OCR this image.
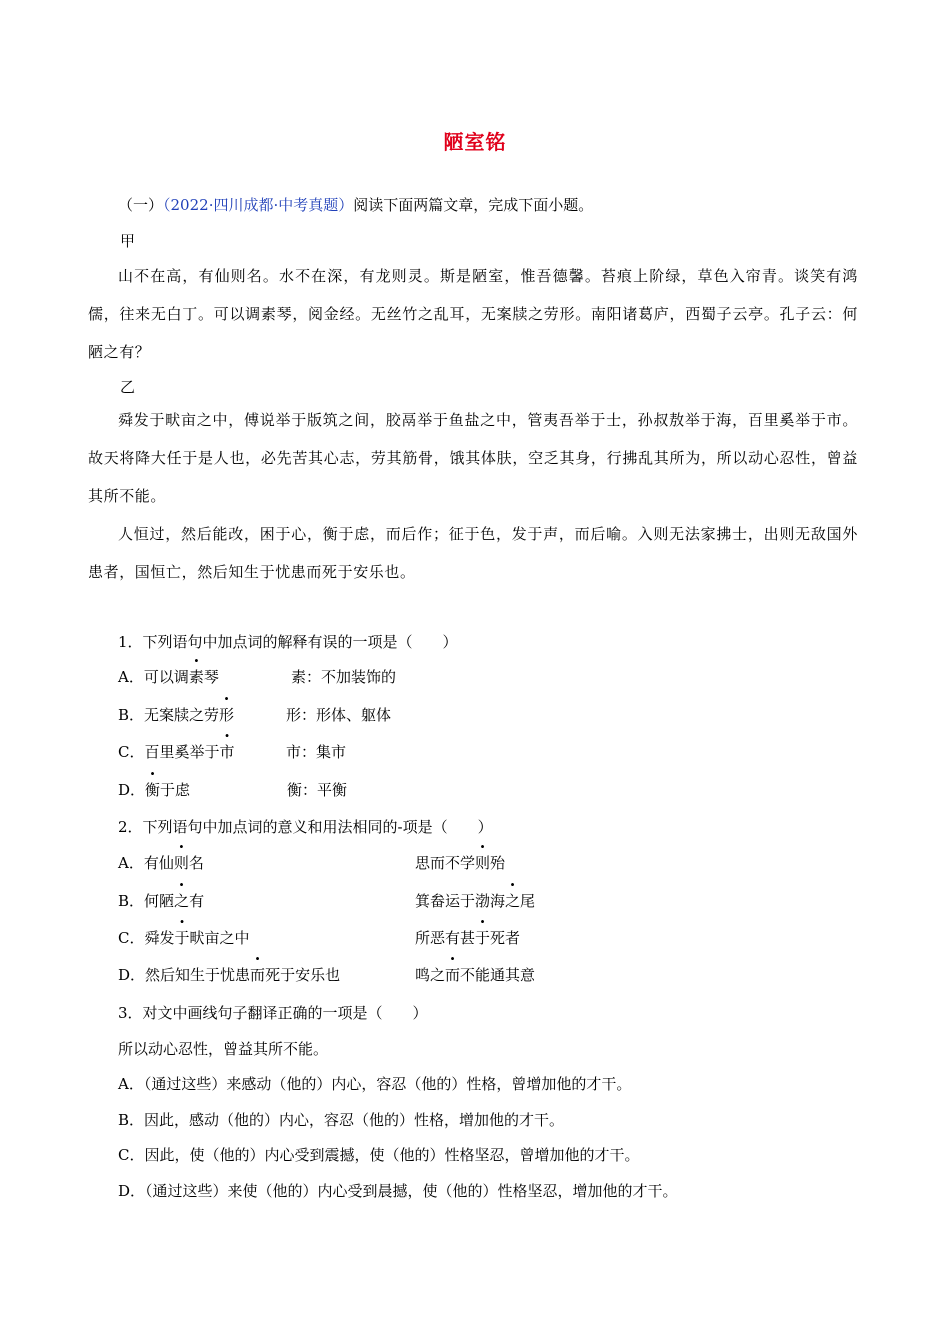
陋室铭
（一）（2022·四川成都·中考真题）阅读下面两篇文章，完成下面小题。
甲
山不在高，有仙则名。水不在深，有龙则灵。斯是陋室，惟吾德馨。苔痕上阶绿，草色入帘青。谈笑有鸿儒，往来无白丁。可以调素琴，阅金经。无丝竹之乱耳，无案牍之劳形。南阳诸葛庐，西蜀子云亭。孔子云：何陋之有？
乙
舜发于畎亩之中，傅说举于版筑之间，胶鬲举于鱼盐之中，管夷吾举于士，孙叔敖举于海，百里奚举于市。故天将降大任于是人也，必先苦其心志，劳其筋骨，饿其体肤，空乏其身，行拂乱其所为，所以动心忍性，曾益其所不能。
人恒过，然后能改，困于心，衡于虑，而后作；征于色，发于声，而后喻。入则无法家拂士，出则无敌国外患者，国恒亡，然后知生于忧患而死于安乐也。
1．下列语句中加点词的解释有误的一项是（　　）
A．可以调素琴	素：不加装饰的
B．无案牍之劳形	形：形体、躯体
C．百里奚举于市	市：集市
D．衡于虑	衡：平衡
2．下列语句中加点词的意义和用法相同的-项是（　　）
A．有仙则名	思而不学则殆
B．何陋之有	箕畚运于渤海之尾
C．舜发于畎亩之中	所恶有甚于死者
D．然后知生于忧患而死于安乐也	鸣之而不能通其意
3．对文中画线句子翻译正确的一项是（　　）
所以动心忍性，曾益其所不能。
A．（通过这些）来感动（他的）内心，容忍（他的）性格，曾增加他的才干。
B．因此，感动（他的）内心，容忍（他的）性格，增加他的才干。
C．因此，使（他的）内心受到震撼，使（他的）性格坚忍，曾增加他的才干。
D．（通过这些）来使（他的）内心受到晨撼，使（他的）性格坚忍，增加他的才干。
